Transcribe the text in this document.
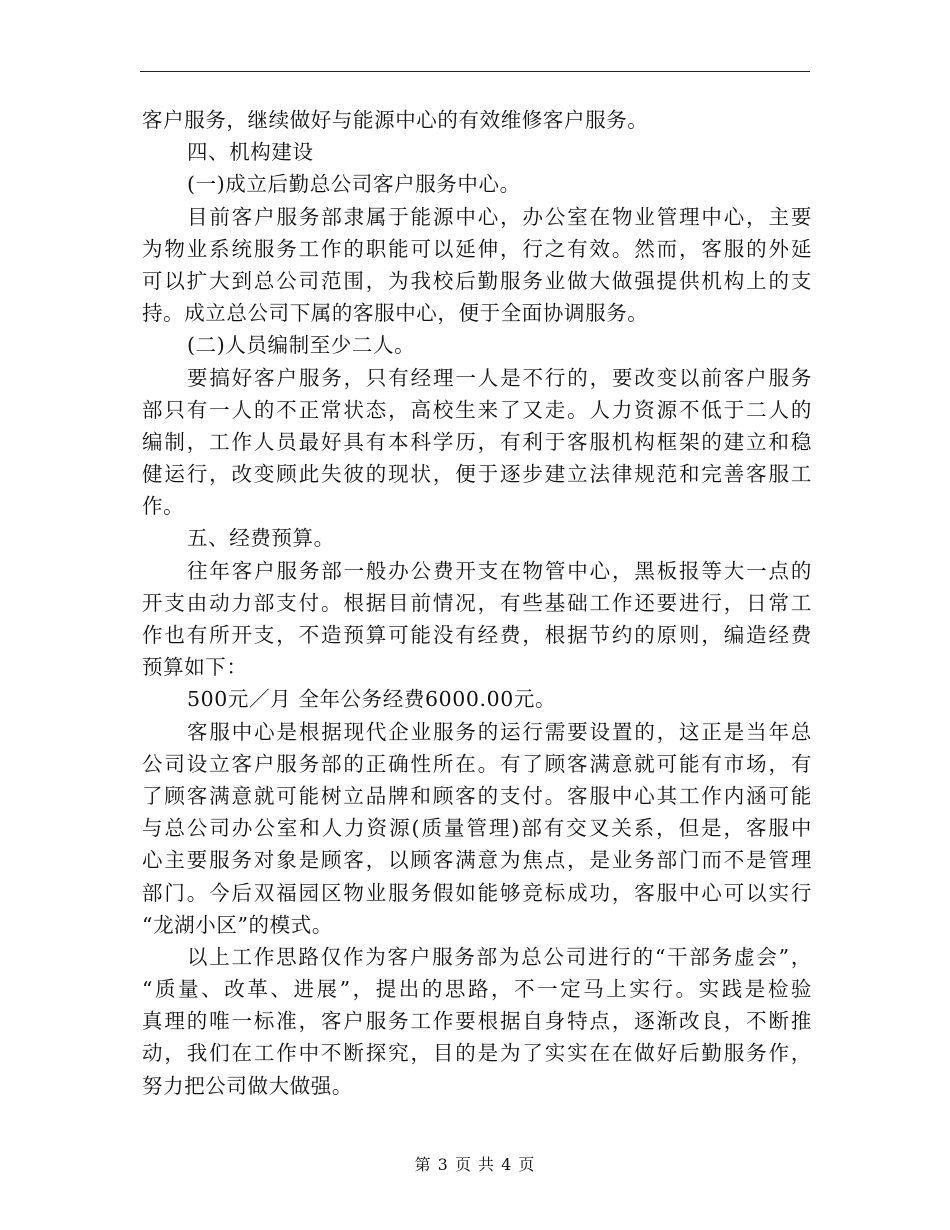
客户服务，继续做好与能源中心的有效维修客户服务。
四、机构建设
(一)成立后勤总公司客户服务中心。
目前客户服务部隶属于能源中心，办公室在物业管理中心，主要
为物业系统服务工作的职能可以延伸，行之有效。然而，客服的外延
可以扩大到总公司范围，为我校后勤服务业做大做强提供机构上的支
持。成立总公司下属的客服中心，便于全面协调服务。
(二)人员编制至少二人。
要搞好客户服务，只有经理一人是不行的，要改变以前客户服务
部只有一人的不正常状态，高校生来了又走。人力资源不低于二人的
编制，工作人员最好具有本科学历，有利于客服机构框架的建立和稳
健运行，改变顾此失彼的现状，便于逐步建立法律规范和完善客服工
作。
五、经费预算。
往年客户服务部一般办公费开支在物管中心，黑板报等大一点的
开支由动力部支付。根据目前情况，有些基础工作还要进行，日常工
作也有所开支，不造预算可能没有经费，根据节约的原则，编造经费
预算如下：
500元／月 全年公务经费6000.00元。
客服中心是根据现代企业服务的运行需要设置的，这正是当年总
公司设立客户服务部的正确性所在。有了顾客满意就可能有市场，有
了顾客满意就可能树立品牌和顾客的支付。客服中心其工作内涵可能
与总公司办公室和人力资源(质量管理)部有交叉关系，但是，客服中
心主要服务对象是顾客，以顾客满意为焦点，是业务部门而不是管理
部门。今后双福园区物业服务假如能够竞标成功，客服中心可以实行
“龙湖小区”的模式。
以上工作思路仅作为客户服务部为总公司进行的“干部务虚会”，
“质量、改革、进展”，提出的思路，不一定马上实行。实践是检验
真理的唯一标准，客户服务工作要根据自身特点，逐渐改良，不断推
动，我们在工作中不断探究，目的是为了实实在在做好后勤服务作，
努力把公司做大做强。
第 3 页 共 4 页
